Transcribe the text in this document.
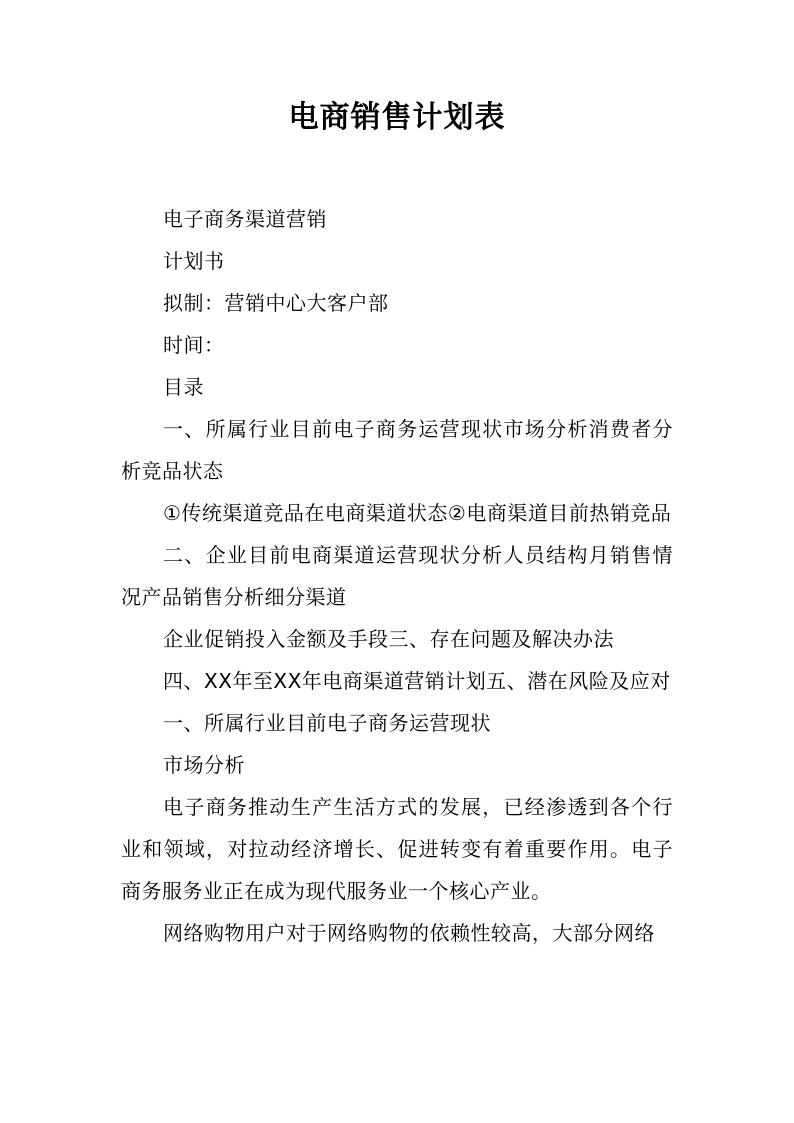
电商销售计划表

电子商务渠道营销

计划书

拟制：营销中心大客户部

时间：

目录

一、所属行业目前电子商务运营现状市场分析消费者分析竞品状态

①传统渠道竞品在电商渠道状态②电商渠道目前热销竞品

二、企业目前电商渠道运营现状分析人员结构月销售情况产品销售分析细分渠道

企业促销投入金额及手段三、存在问题及解决办法

四、XX年至XX年电商渠道营销计划五、潜在风险及应对

一、所属行业目前电子商务运营现状

市场分析

电子商务推动生产生活方式的发展，已经渗透到各个行业和领域，对拉动经济增长、促进转变有着重要作用。电子商务服务业正在成为现代服务业一个核心产业。

网络购物用户对于网络购物的依赖性较高，大部分网络
